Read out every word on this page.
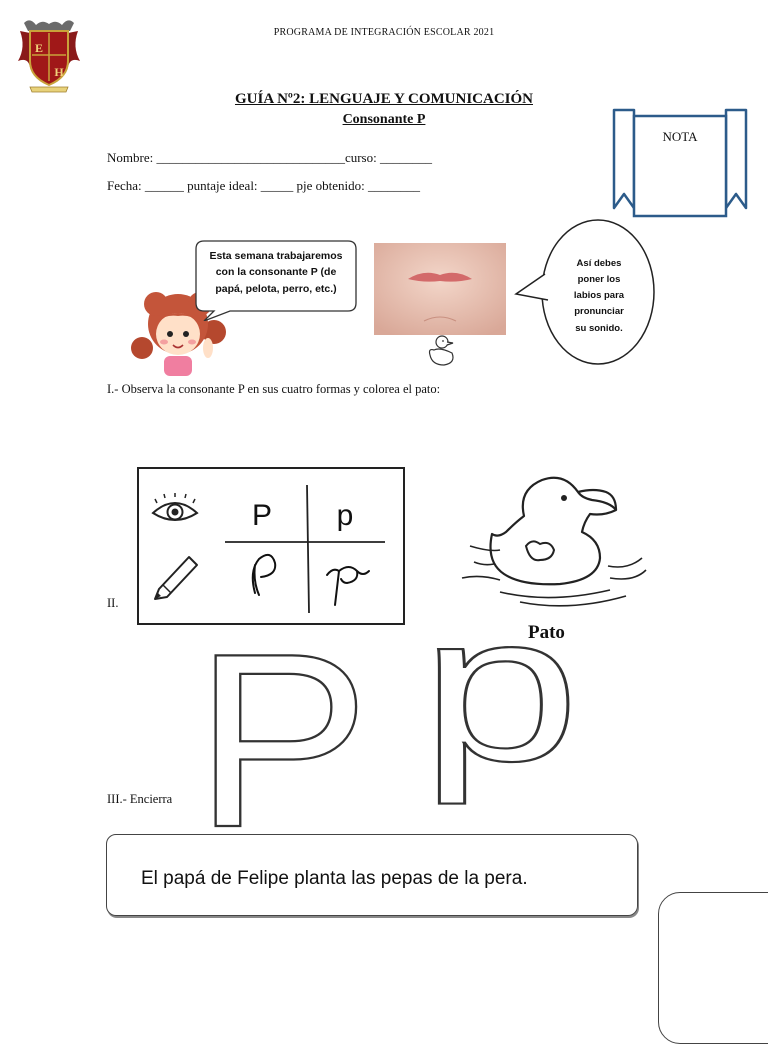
PROGRAMA DE INTEGRACIÓN ESCOLAR 2021
E
H
GUÍA Nº2: LENGUAJE Y COMUNICACIÓN
Consonante P
NOTA
Nombre: _____________________________curso: ________
Fecha: ______ puntaje ideal: _____ pje obtenido: ________
Esta semana trabajaremos
con la consonante P (de
papá, pelota, perro, etc.)
Así debes
poner los
labios para
pronunciar
su sonido.
I.- Observa la consonante P en sus cuatro formas y colorea el pato:
II.
P p
Pato
III.- Encierra P p
El papá de Felipe planta las pepas de la pera.
